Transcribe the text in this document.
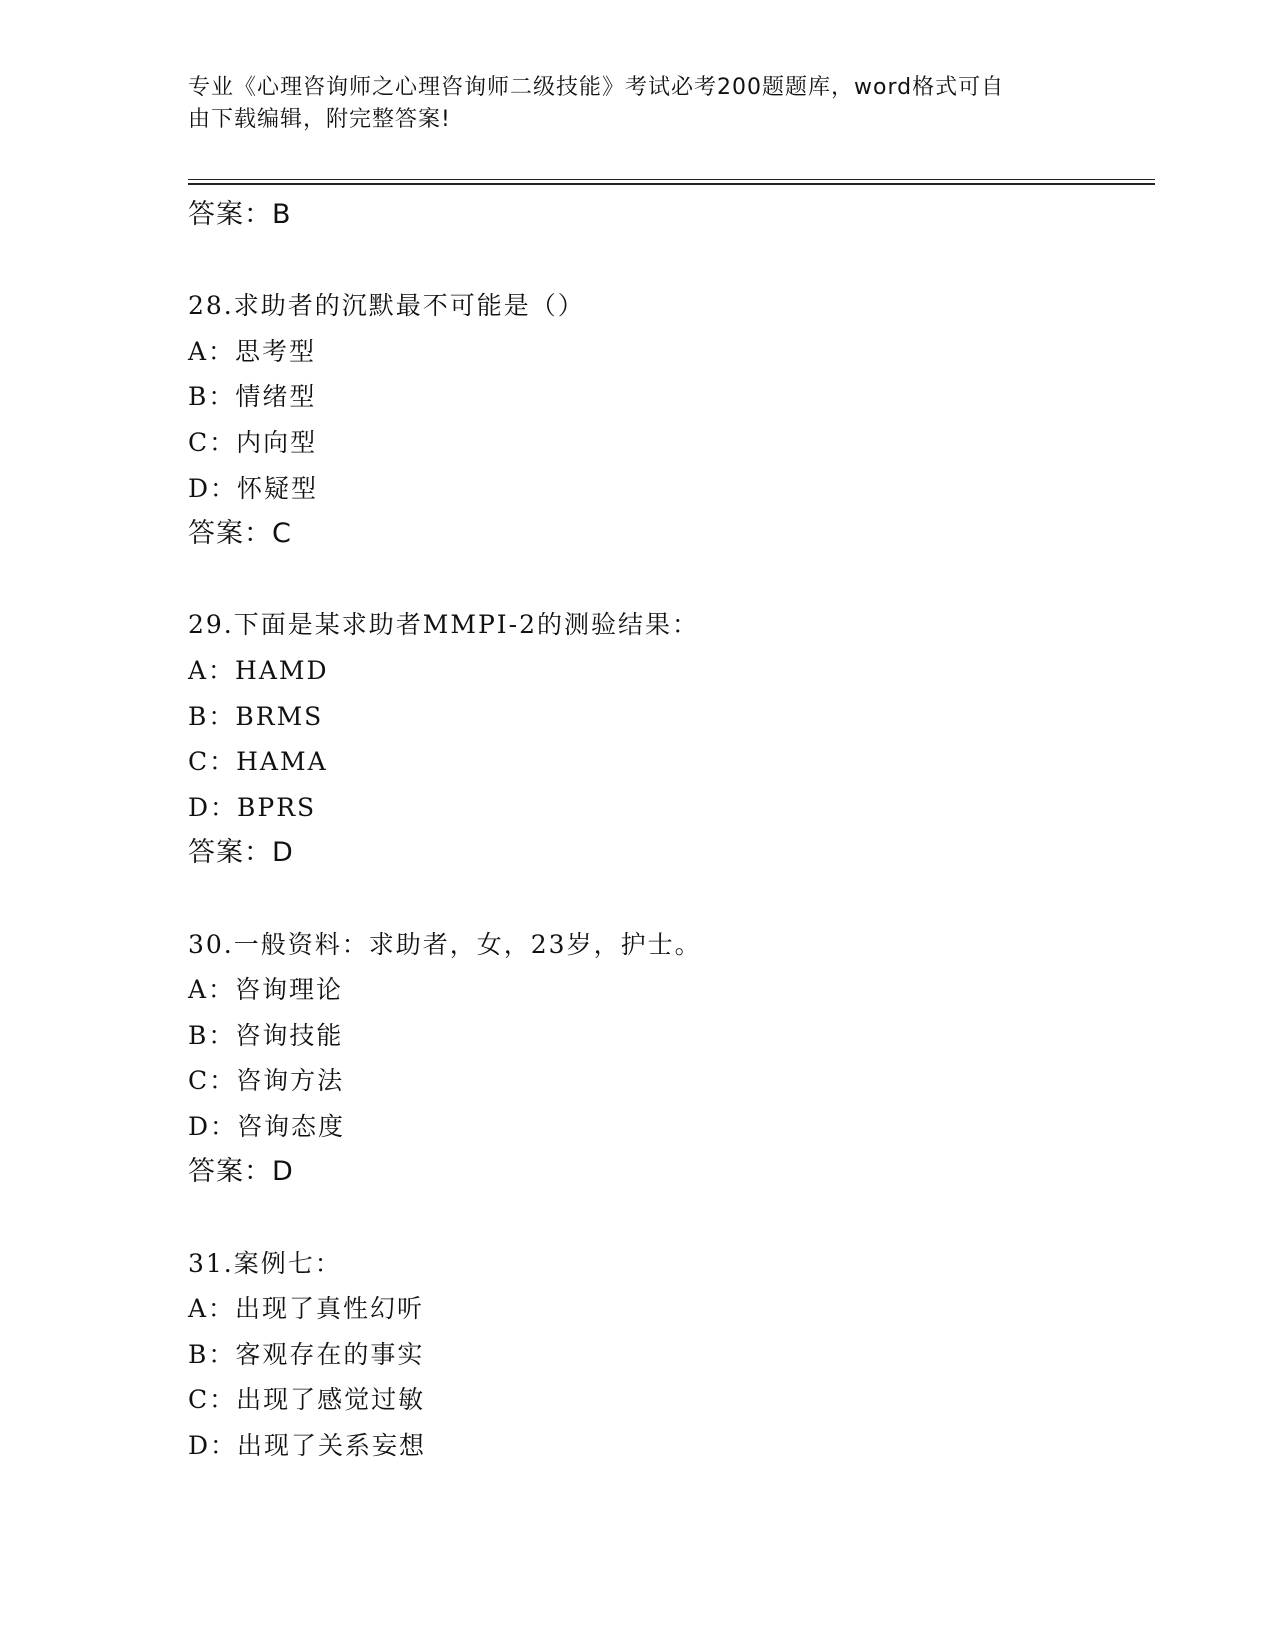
专业《心理咨询师之心理咨询师二级技能》考试必考200题题库，word格式可自
由下载编辑，附完整答案!
答案：B
28.求助者的沉默最不可能是（）
A：思考型
B：情绪型
C：内向型
D：怀疑型
答案：C
29.下面是某求助者MMPI-2的测验结果：
A：HAMD
B：BRMS
C：HAMA
D：BPRS
答案：D
30.一般资料：求助者，女，23岁，护士。
A：咨询理论
B：咨询技能
C：咨询方法
D：咨询态度
答案：D
31.案例七：
A：出现了真性幻听
B：客观存在的事实
C：出现了感觉过敏
D：出现了关系妄想
